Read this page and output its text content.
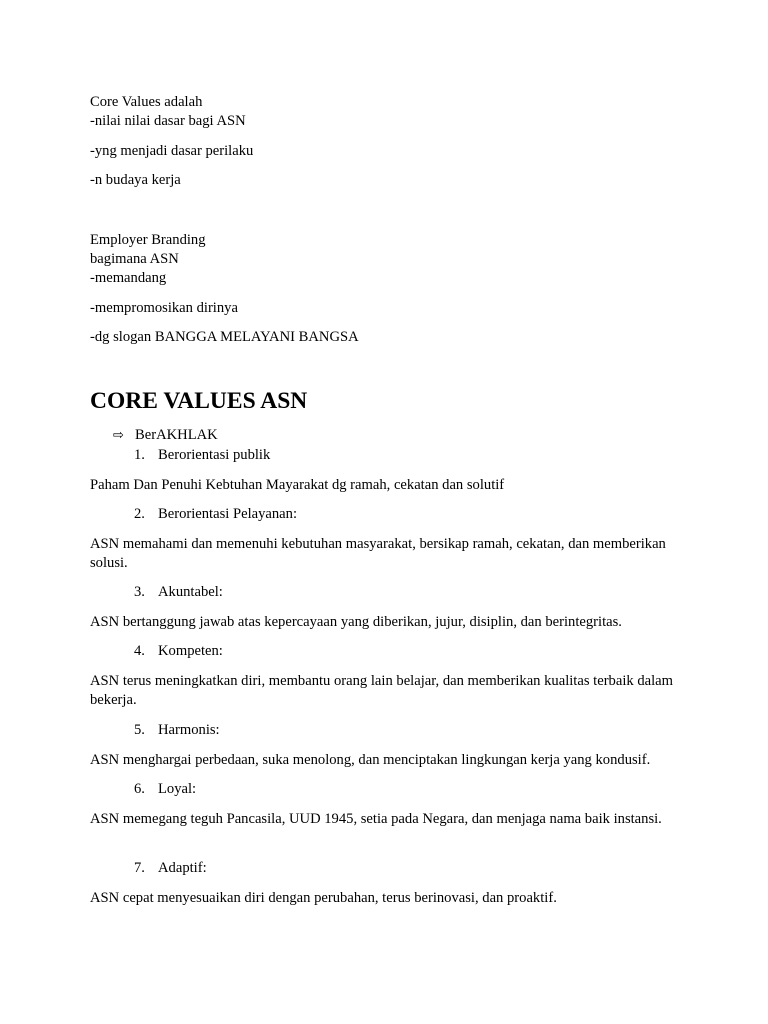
Core Values adalah
-nilai nilai dasar bagi ASN
-yng menjadi dasar perilaku
-n budaya kerja
Employer Branding
bagimana ASN
-memandang
-mempromosikan dirinya
-dg slogan BANGGA MELAYANI BANGSA
CORE VALUES ASN
⇨ BerAKHLAK
1. Berorientasi publik
Paham Dan Penuhi Kebtuhan Mayarakat dg ramah, cekatan dan solutif
2. Berorientasi Pelayanan:
ASN memahami dan memenuhi kebutuhan masyarakat, bersikap ramah, cekatan, dan memberikan solusi.
3. Akuntabel:
ASN bertanggung jawab atas kepercayaan yang diberikan, jujur, disiplin, dan berintegritas.
4. Kompeten:
ASN terus meningkatkan diri, membantu orang lain belajar, dan memberikan kualitas terbaik dalam bekerja.
5. Harmonis:
ASN menghargai perbedaan, suka menolong, dan menciptakan lingkungan kerja yang kondusif.
6. Loyal:
ASN memegang teguh Pancasila, UUD 1945, setia pada Negara, dan menjaga nama baik instansi.
7. Adaptif:
ASN cepat menyesuaikan diri dengan perubahan, terus berinovasi, dan proaktif.
